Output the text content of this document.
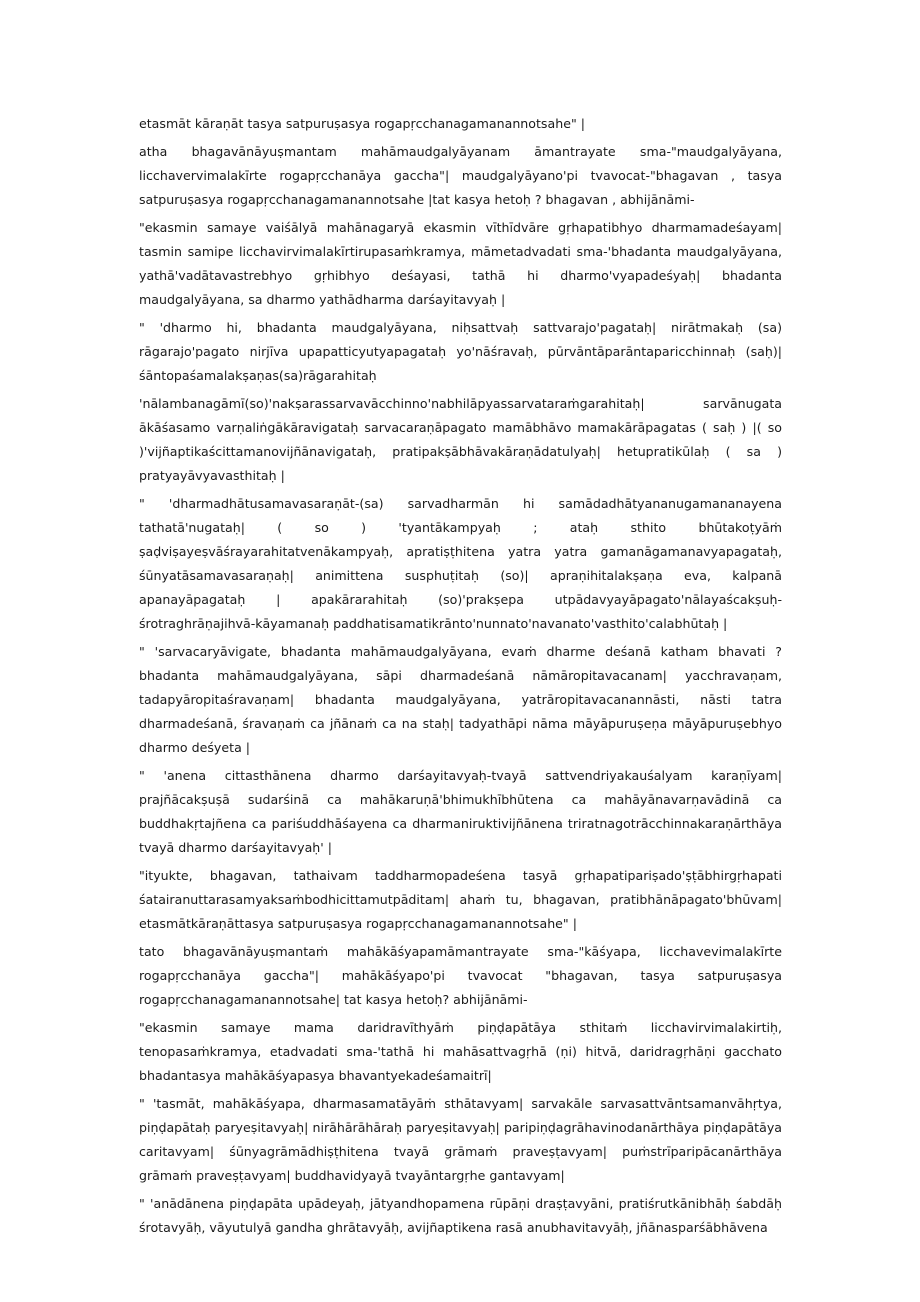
etasmāt kāraṇāt tasya satpuruṣasya rogapṛcchanagamanannotsahe" |

atha bhagavānāyuṣmantam mahāmaudgalyāyanam āmantrayate sma-"maudgalyāyana, licchavervimalakīrte rogapṛcchanāya gaccha"| maudgalyāyano'pi tvavocat-"bhagavan , tasya satpuruṣasya rogapṛcchanagamanannotsahe |tat kasya hetoḥ ? bhagavan , abhijānāmi-

"ekasmin samaye vaiśālyā mahānagaryā ekasmin vīthīdvāre gṛhapatibhyo dharmamadeśayam| tasmin samipe licchavirvimalakīrtirupasaṁkramya, māmetadvadati sma-'bhadanta maudgalyāyana, yathā'vadātavastrebhyo gṛhibhyo deśayasi, tathā hi dharmo'vyapadeśyaḥ| bhadanta maudgalyāyana, sa dharmo yathādharma darśayitavyaḥ |

" 'dharmo hi, bhadanta maudgalyāyana, niḥsattvaḥ sattvarajo'pagataḥ| nirātmakaḥ (sa) rāgarajo'pagato nirjīva upapatticyutyapagataḥ yo'nāśravaḥ, pūrvāntāparāntaparicchinnaḥ (saḥ)| śāntopaśamalakṣaṇas(sa)rāgarahitaḥ

'nālambanagāmī(so)'nakṣarassarvavācchinno'nabhilāpyassarvataraṁgarahitaḥ| sarvānugata ākāśasamo varṇaliṅgākāravigataḥ sarvacaraṇāpagato mamābhāvo mamakārāpagatas ( saḥ ) |( so )'vijñaptikaścittamanovijñānavigataḥ, pratipakṣābhāvakāraṇādatulyaḥ| hetupratikūlaḥ ( sa ) pratyayāvyavasthitaḥ |

" 'dharmadhātusamavasaraṇāt-(sa) sarvadharmān hi samādadhātyananugamananayena tathatā'nugataḥ| ( so ) 'tyantākampyaḥ ; ataḥ sthito bhūtakoṭyāṁ ṣaḍviṣayeṣvāśrayarahitatvenākampyaḥ, apratiṣṭhitena yatra yatra gamanāgamanavyapagataḥ, śūnyatāsamavasaraṇaḥ| animittena susphuṭitaḥ (so)| apraṇihitalakṣaṇa eva, kalpanā apanayāpagataḥ | apakārarahitaḥ (so)'prakṣepa utpādavyayāpagato'nālayaścakṣuḥ-śrotraghrāṇajihvā-kāyamanaḥ paddhatisamatikrānto'nunnato'navanato'vasthito'calabhūtaḥ |

" 'sarvacaryāvigate, bhadanta mahāmaudgalyāyana, evaṁ dharme deśanā katham bhavati ? bhadanta mahāmaudgalyāyana, sāpi dharmadeśanā nāmāropitavacanam| yacchravaṇam, tadapyāropitaśravaṇam| bhadanta maudgalyāyana, yatrāropitavacanannāsti, nāsti tatra dharmadeśanā, śravaṇaṁ ca jñānaṁ ca na staḥ| tadyathāpi nāma māyāpuruṣeṇa māyāpuruṣebhyo dharmo deśyeta |

" 'anena cittasthānena dharmo darśayitavyaḥ-tvayā sattvendriyakauśalyam karaṇīyam| prajñācakṣuṣā sudarśinā ca mahākaruṇā'bhimukhībhūtena ca mahāyānavarṇavādinā ca buddhakṛtajñena ca pariśuddhāśayena ca dharmaniruktivijñānena triratnagotrācchinnakaraṇārthāya tvayā dharmo darśayitavyaḥ' |

"ityukte, bhagavan, tathaivam taddharmopadeśena tasyā gṛhapatipariṣado'ṣṭābhirgṛhapati śatairanuttarasamyaksaṁbodhicittamutpāditam| ahaṁ tu, bhagavan, pratibhānāpagato'bhūvam| etasmātkāraṇāttasya satpuruṣasya rogapṛcchanagamanannotsahe" |

tato bhagavānāyuṣmantaṁ mahākāśyapamāmantrayate sma-"kāśyapa, licchavevimalakīrte rogapṛcchanāya gaccha"| mahākāśyapo'pi tvavocat "bhagavan, tasya satpuruṣasya rogapṛcchanagamanannotsahe| tat kasya hetoḥ? abhijānāmi-

"ekasmin samaye mama daridravīthyāṁ piṇḍapātāya sthitaṁ licchavirvimalakirtiḥ, tenopasaṁkramya, etadvadati sma-'tathā hi mahāsattvagṛhā (ṇi) hitvā, daridragṛhāṇi gacchato bhadantasya mahākāśyapasya bhavantyekadeśamaitrī|

" 'tasmāt, mahākāśyapa, dharmasamatāyāṁ sthātavyam| sarvakāle sarvasattvāntsamanvāhṛtya, piṇḍapātaḥ paryeṣitavyaḥ| nirāhārāhāraḥ paryeṣitavyaḥ| paripiṇḍagrāhavinodanārthāya piṇḍapātāya caritavyam| śūnyagrāmādhiṣṭhitena tvayā grāmaṁ praveṣṭavyam| puṁstrīparipācanārthāya grāmaṁ praveṣṭavyam| buddhavidyayā tvayāntargṛhe gantavyam|

" 'anādānena piṇḍapāta upādeyaḥ, jātyandhopamena rūpāṇi draṣṭavyāni, pratiśrutkānibhāḥ śabdāḥ śrotavyāḥ, vāyutulyā gandha ghrātavyāḥ, avijñaptikena rasā anubhavitavyāḥ, jñānasparśābhāvena
